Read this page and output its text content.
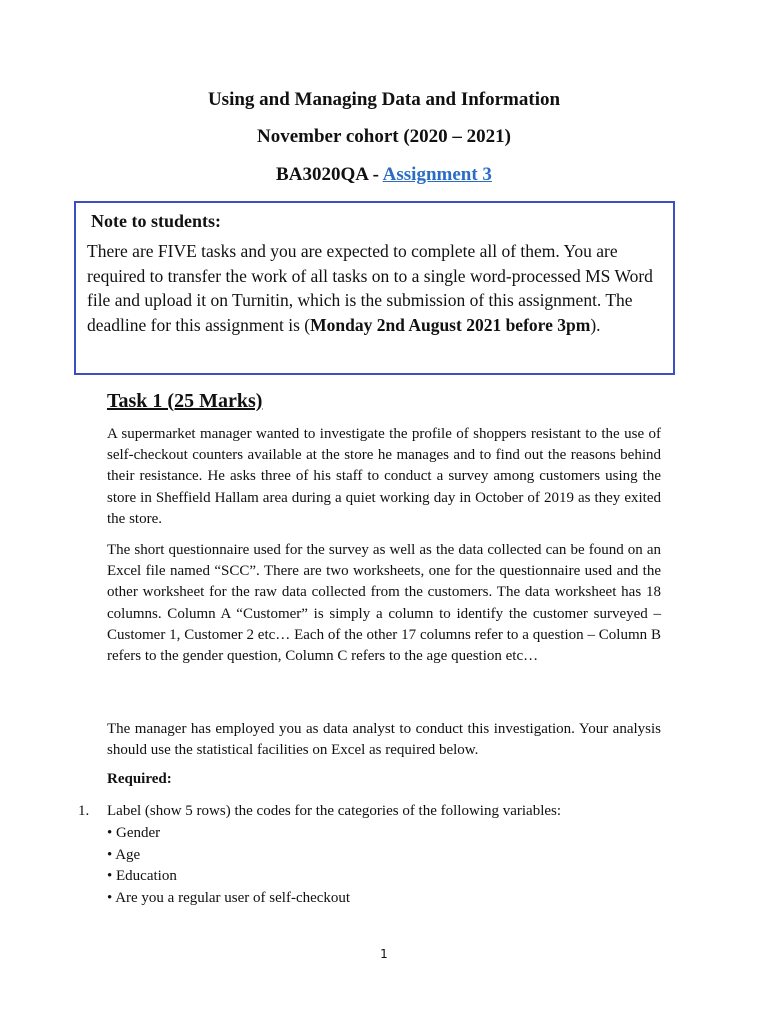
Using and Managing Data and Information
November cohort (2020 – 2021)
BA3020QA - Assignment 3
Note to students:
There are FIVE tasks and you are expected to complete all of them. You are required to transfer the work of all tasks on to a single word-processed MS Word file and upload it on Turnitin, which is the submission of this assignment. The deadline for this assignment is (Monday 2nd August 2021 before 3pm).
Task 1 (25 Marks)
A supermarket manager wanted to investigate the profile of shoppers resistant to the use of self-checkout counters available at the store he manages and to find out the reasons behind their resistance. He asks three of his staff to conduct a survey among customers using the store in Sheffield Hallam area during a quiet working day in October of 2019 as they exited the store.
The short questionnaire used for the survey as well as the data collected can be found on an Excel file named “SCC”. There are two worksheets, one for the questionnaire used and the other worksheet for the raw data collected from the customers. The data worksheet has 18 columns. Column A “Customer” is simply a column to identify the customer surveyed – Customer 1, Customer 2 etc… Each of the other 17 columns refer to a question – Column B refers to the gender question, Column C refers to the age question etc…
The manager has employed you as data analyst to conduct this investigation. Your analysis should use the statistical facilities on Excel as required below.
Required:
1. Label (show 5 rows) the codes for the categories of the following variables:
• Gender
• Age
• Education
• Are you a regular user of self-checkout
1
